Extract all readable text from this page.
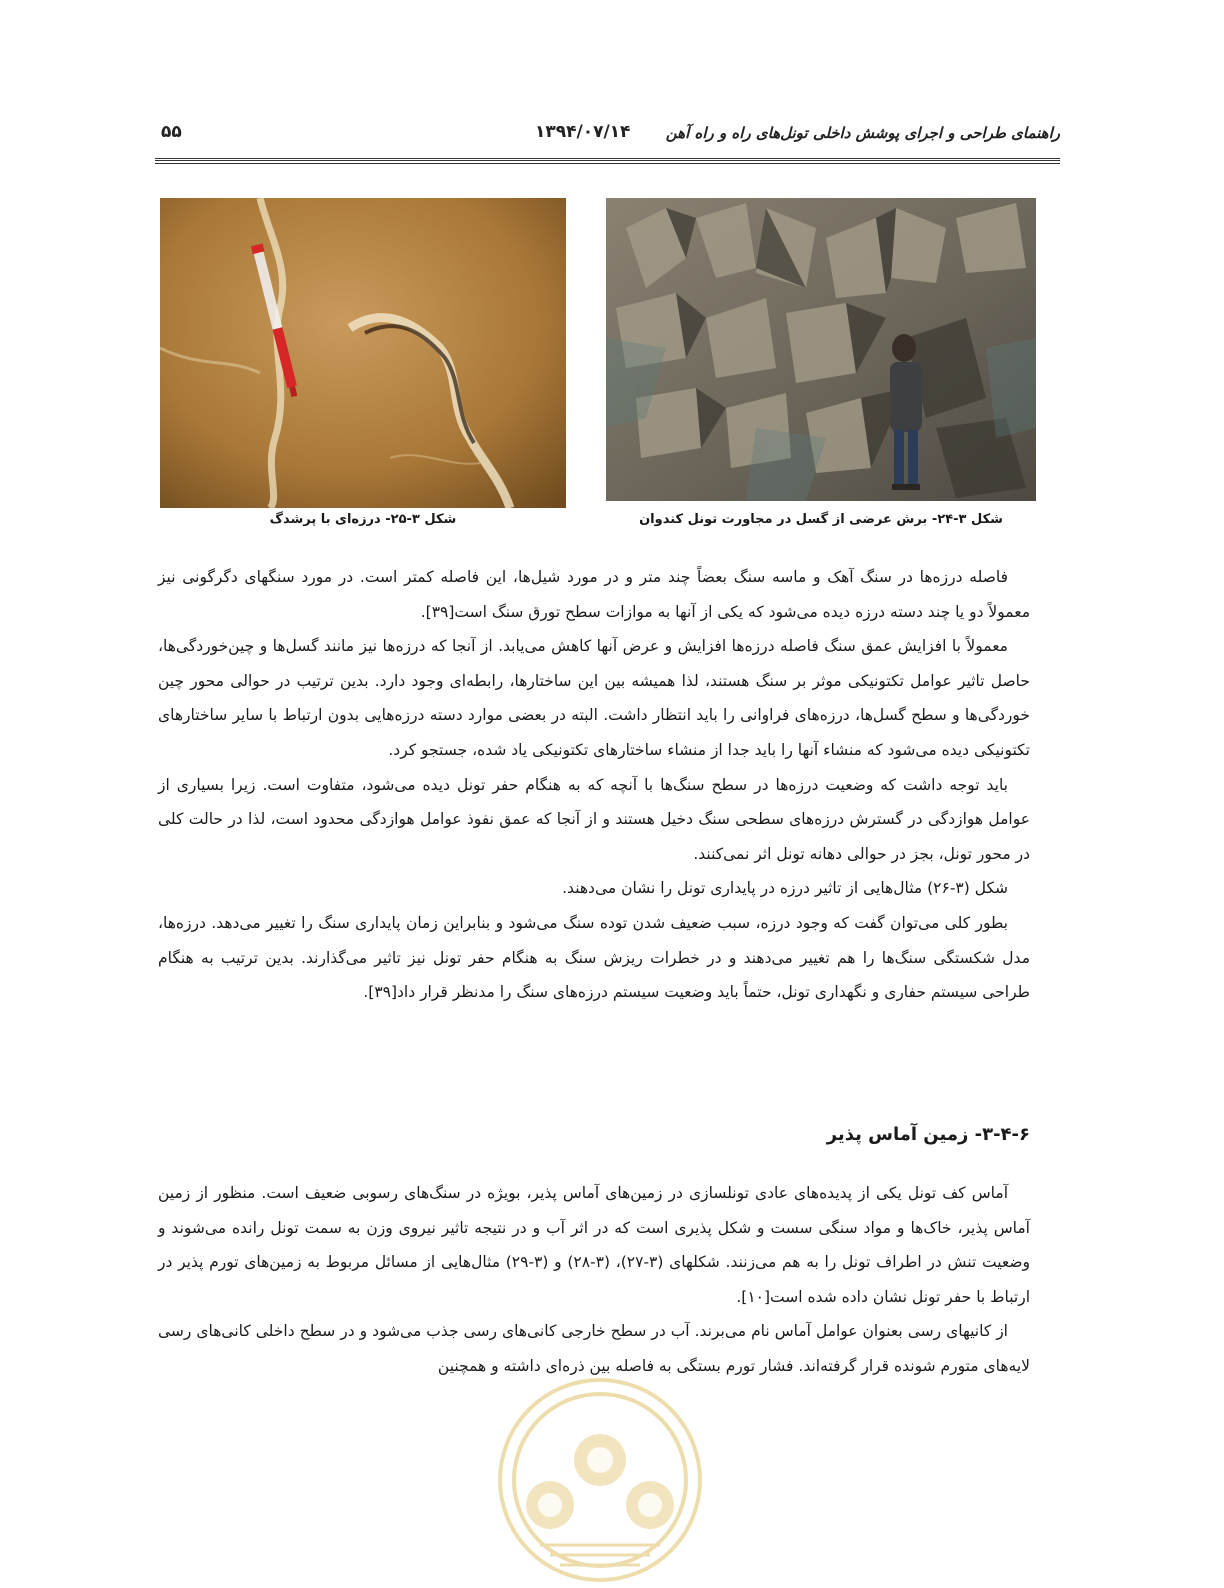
راهنمای طراحی و اجرای پوشش داخلی تونل‌های راه و راه آهن
۱۳۹۴/۰۷/۱۴
۵۵
شکل ۳-۲۴- برش عرضی از گسل در مجاورت تونل کندوان
شکل ۳-۲۵- درزه‌ای با پرشدگ

فاصله درزه‌ها در سنگ آهک و ماسه سنگ بعضاً چند متر و در مورد شیل‌ها، این فاصله کمتر است. در مورد سنگهای دگرگونی نیز معمولاً دو یا چند دسته درزه دیده می‌شود که یکی از آنها به موازات سطح تورق سنگ است[۳۹].

معمولاً با افزایش عمق سنگ فاصله درزه‌ها افزایش و عرض آنها کاهش می‌یابد. از آنجا که درزه‌ها نیز مانند گسل‌ها و چین‌خوردگی‌ها، حاصل تاثیر عوامل تکتونیکی موثر بر سنگ هستند، لذا همیشه بین این ساختارها، رابطه‌ای وجود دارد. بدین ترتیب در حوالی محور چین خوردگی‌ها و سطح گسل‌ها، درزه‌های فراوانی را باید انتظار داشت. البته در بعضی موارد دسته درزه‌هایی بدون ارتباط با سایر ساختارهای تکتونیکی دیده می‌شود که منشاء آنها را باید جدا از منشاء ساختارهای تکتونیکی یاد شده، جستجو کرد.

باید توجه داشت که وضعیت درزه‌ها در سطح سنگ‌ها با آنچه که به هنگام حفر تونل دیده می‌شود، متفاوت است. زیرا بسیاری از عوامل هوازدگی در گسترش درزه‌های سطحی سنگ دخیل هستند و از آنجا که عمق نفوذ عوامل هوازدگی محدود است، لذا در حالت کلی در محور تونل، بجز در حوالی دهانه تونل اثر نمی‌کنند.

شکل (۳-۲۶) مثال‌هایی از تاثیر درزه در پایداری تونل را نشان می‌دهند.

بطور کلی می‌توان گفت که وجود درزه، سبب ضعیف شدن توده سنگ می‌شود و بنابراین زمان پایداری سنگ را تغییر می‌دهد. درزه‌ها، مدل شکستگی سنگ‌ها را هم تغییر می‌دهند و در خطرات ریزش سنگ به هنگام حفر تونل نیز تاثیر می‌گذارند. بدین ترتیب به هنگام طراحی سیستم حفاری و نگهداری تونل، حتماً باید وضعیت سیستم درزه‌های سنگ را مدنظر قرار داد[۳۹].

۳-۴-۶- زمین آماس پذیر

آماس کف تونل یکی از پدیده‌های عادی تونلسازی در زمین‌های آماس پذیر، بویژه در سنگ‌های رسوبی ضعیف است. منظور از زمین آماس پذیر، خاک‌ها و مواد سنگی سست و شکل پذیری است که در اثر آب و در نتیجه تاثیر نیروی وزن به سمت تونل رانده می‌شوند و وضعیت تنش در اطراف تونل را به هم می‌زنند. شکلهای (۳-۲۷)، (۳-۲۸) و (۳-۲۹) مثال‌هایی از مسائل مربوط به زمین‌های تورم پذیر در ارتباط با حفر تونل نشان داده شده است[۱۰].

از کانیهای رسی بعنوان عوامل آماس نام می‌برند. آب در سطح خارجی کانی‌های رسی جذب می‌شود و در سطح داخلی کانی‌های رسی لایه‌های متورم شونده قرار گرفته‌اند. فشار تورم بستگی به فاصله بین ذره‌ای داشته و همچنین
